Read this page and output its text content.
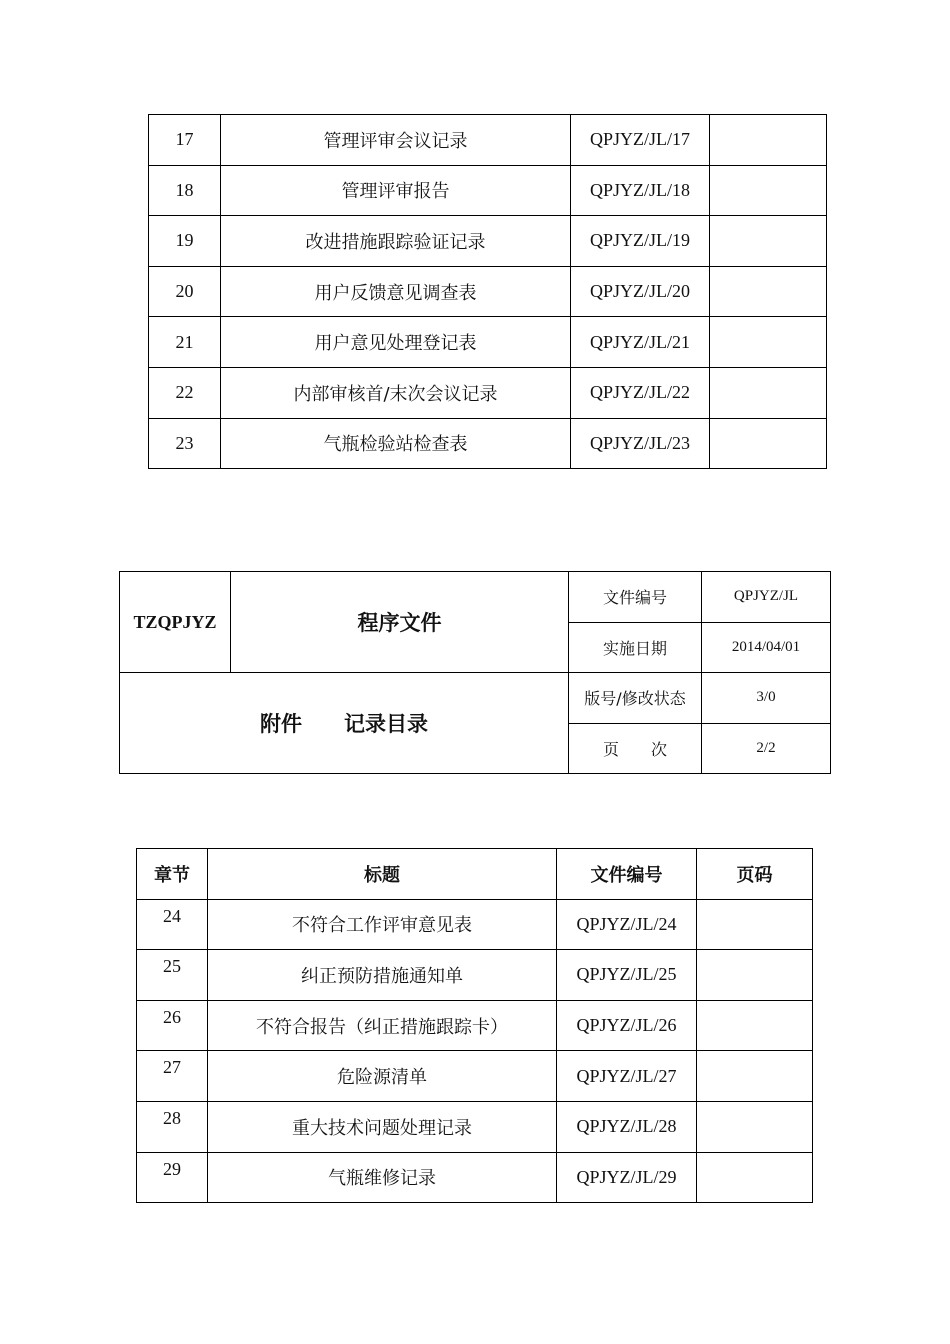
17	管理评审会议记录	QPJYZ/JL/17	
18	管理评审报告	QPJYZ/JL/18	
19	改进措施跟踪验证记录	QPJYZ/JL/19	
20	用户反馈意见调查表	QPJYZ/JL/20	
21	用户意见处理登记表	QPJYZ/JL/21	
22	内部审核首/末次会议记录	QPJYZ/JL/22	
23	气瓶检验站检查表	QPJYZ/JL/23	
TZQPJYZ	程序文件	文件编号	QPJYZ/JL
		实施日期	2014/04/01
附件　　记录目录		版号/修改状态	3/0
		页　　次	2/2
章节	标题	文件编号	页码
24	不符合工作评审意见表	QPJYZ/JL/24	
25	纠正预防措施通知单	QPJYZ/JL/25	
26	不符合报告（纠正措施跟踪卡）	QPJYZ/JL/26	
27	危险源清单	QPJYZ/JL/27	
28	重大技术问题处理记录	QPJYZ/JL/28	
29	气瓶维修记录	QPJYZ/JL/29	
